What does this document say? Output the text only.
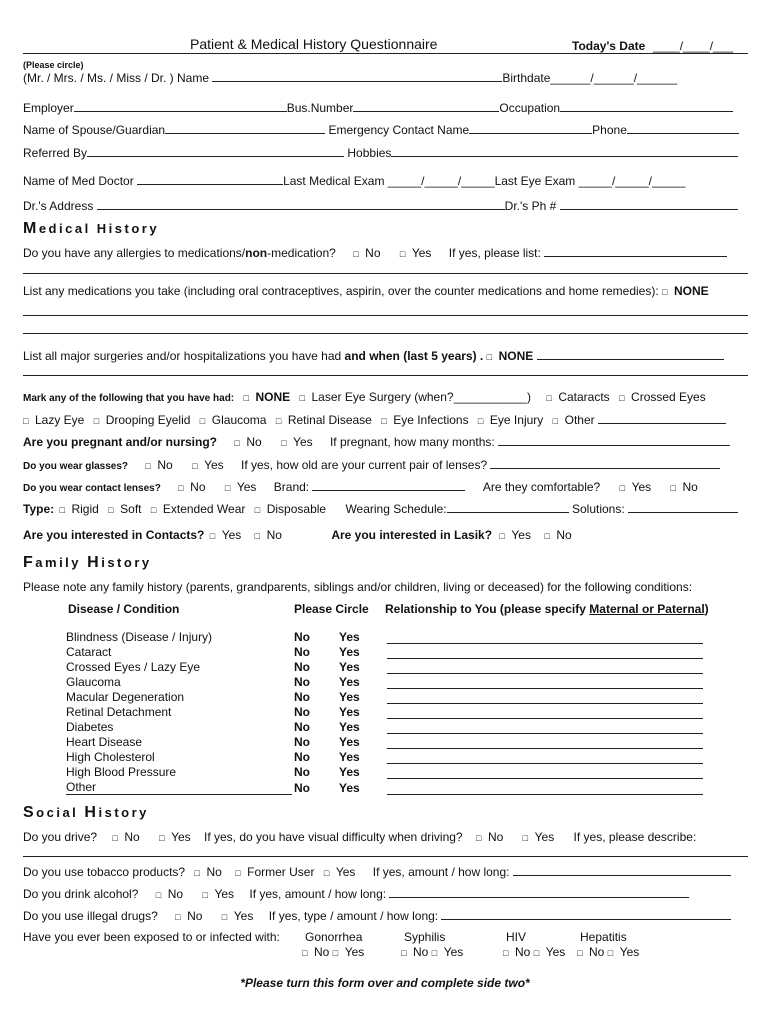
Patient & Medical History Questionnaire	Today's Date ____/____/___
(Please circle)
(Mr. / Mrs. / Ms. / Miss / Dr. ) Name	Birthdate______/______/______
Employer	Bus.Number	Occupation
Name of Spouse/Guardian	Emergency Contact Name	Phone
Referred By	Hobbies
Name of Med Doctor	Last Medical Exam _____/_____/_____Last Eye Exam _____/_____/_____
Dr.'s Address	Dr.'s Ph #
Medical History
Do you have any allergies to medications/non-medication? □ No □ Yes If yes, please list:
List any medications you take (including oral contraceptives, aspirin, over the counter medications and home remedies): □ NONE
List all major surgeries and/or hospitalizations you have had and when (last 5 years) . □ NONE
Mark any of the following that you have had: □ NONE □ Laser Eye Surgery (when?___________) □ Cataracts □ Crossed Eyes
□ Lazy Eye □ Drooping Eyelid □ Glaucoma □ Retinal Disease □ Eye Infections □ Eye Injury □ Other
Are you pregnant and/or nursing? □ No □ Yes If pregnant, how many months:
Do you wear glasses? □ No □ Yes If yes, how old are your current pair of lenses?
Do you wear contact lenses? □ No □ Yes Brand:	Are they comfortable? □ Yes □ No
Type: □ Rigid □ Soft □ Extended Wear □ Disposable Wearing Schedule:	Solutions:
Are you interested in Contacts? □ Yes □ No	Are you interested in Lasik? □ Yes □ No
Family History
Please note any family history (parents, grandparents, siblings and/or children, living or deceased) for the following conditions:
Disease / Condition	Please Circle Relationship to You (please specify Maternal or Paternal)
Blindness (Disease / Injury)	No	Yes	

Cataract	No	Yes	

Crossed Eyes / Lazy Eye	No	Yes	

Glaucoma	No	Yes	

Macular Degeneration	No	Yes	

Retinal Detachment	No	Yes	

Diabetes	No	Yes	

Heart Disease	No	Yes	

High Cholesterol	No	Yes	

High Blood Pressure	No	Yes	

Other	No	Yes	
Social History
Do you drive? □ No □ Yes If yes, do you have visual difficulty when driving? □ No □ Yes If yes, please describe:
Do you use tobacco products? □ No □ Former User □ Yes If yes, amount / how long:
Do you drink alcohol? □ No □ Yes If yes, amount / how long:
Do you use illegal drugs? □ No □ Yes If yes, type / amount / how long:
Have you ever been exposed to or infected with:	Gonorrhea
□ No □ Yes
Syphilis
□ No □ Yes
HIV
□ No □ Yes
Hepatitis
□ No □ Yes
*Please turn this form over and complete side two*
